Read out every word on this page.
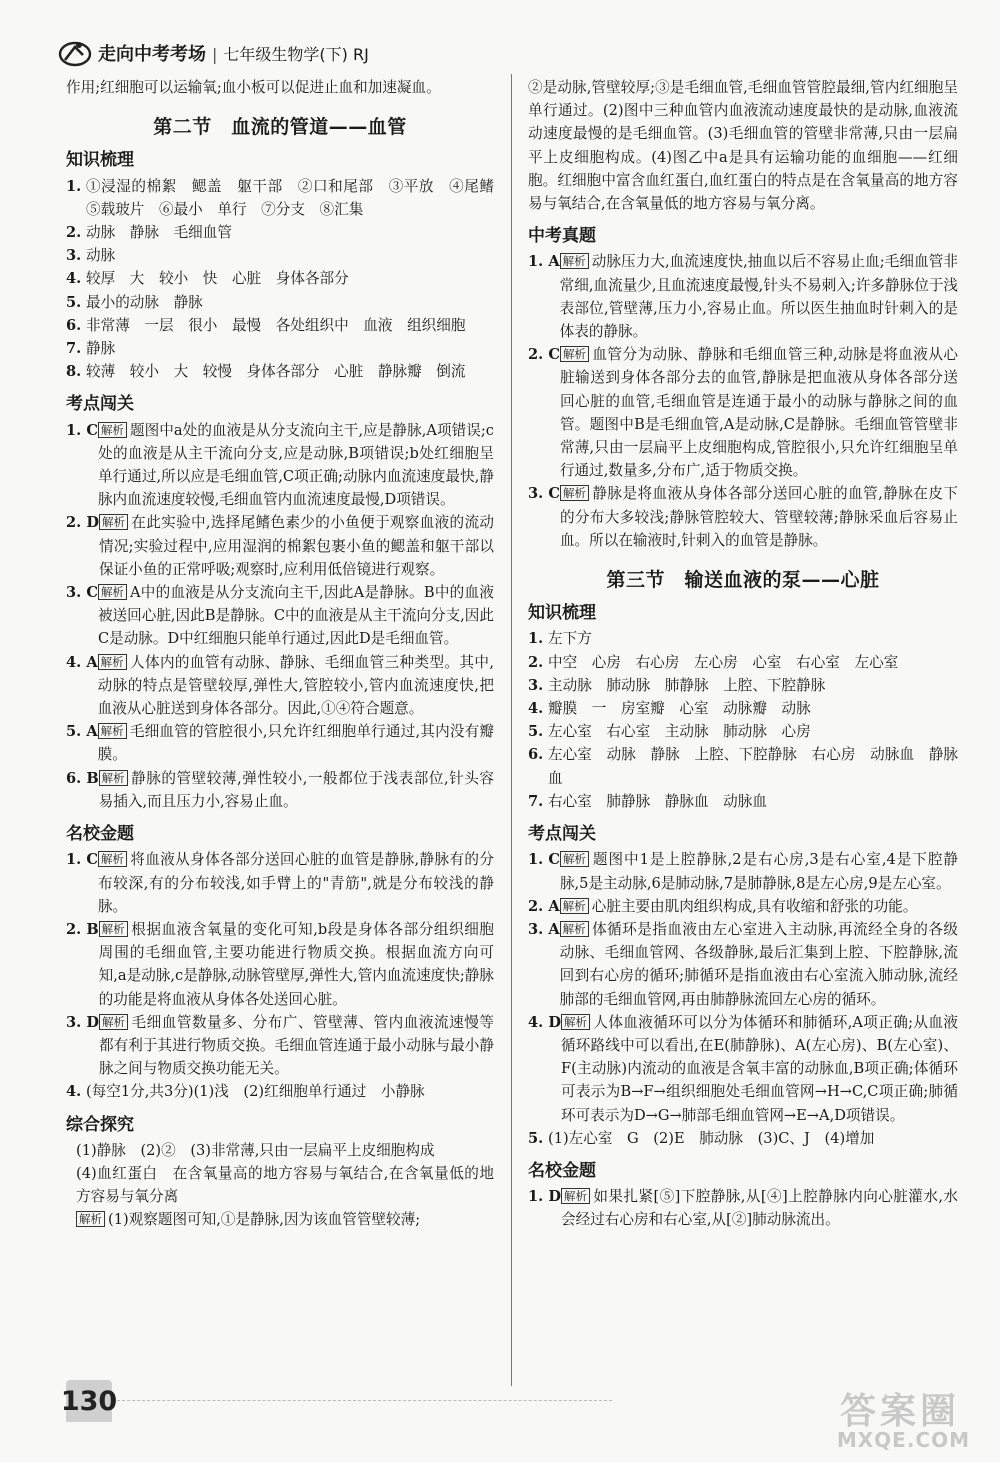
走向中考考场
|	七年级生物学(下) RJ

作用;红细胞可以运输氧;血小板可以促进止血和加速凝血。

第二节　血流的管道——血管
知识梳理
1. ①浸湿的棉絮　鳃盖　躯干部　②口和尾部　③平放　④尾鳍　⑤载玻片　⑥最小　单行　⑦分支　⑧汇集
2. 动脉　静脉　毛细血管
3. 动脉
4. 较厚　大　较小　快　心脏　身体各部分
5. 最小的动脉　静脉
6. 非常薄　一层　很小　最慢　各处组织中　血液　组织细胞
7. 静脉
8. 较薄　较小　大　较慢　身体各部分　心脏　静脉瓣　倒流
考点闯关
1. C 解析 题图中a处的血液是从分支流向主干,应是静脉,A项错误;c处的血液是从主干流向分支,应是动脉,B项错误;b处红细胞呈单行通过,所以应是毛细血管,C项正确;动脉内血流速度最快,静脉内血流速度较慢,毛细血管内血流速度最慢,D项错误。
2. D 解析 在此实验中,选择尾鳍色素少的小鱼便于观察血液的流动情况;实验过程中,应用湿润的棉絮包裹小鱼的鳃盖和躯干部以保证小鱼的正常呼吸;观察时,应利用低倍镜进行观察。
3. C 解析 A中的血液是从分支流向主干,因此A是静脉。B中的血液被送回心脏,因此B是静脉。C中的血液是从主干流向分支,因此C是动脉。D中红细胞只能单行通过,因此D是毛细血管。
4. A 解析 人体内的血管有动脉、静脉、毛细血管三种类型。其中,动脉的特点是管壁较厚,弹性大,管腔较小,管内血流速度快,把血液从心脏送到身体各部分。因此,①④符合题意。
5. A 解析 毛细血管的管腔很小,只允许红细胞单行通过,其内没有瓣膜。
6. B 解析 静脉的管壁较薄,弹性较小,一般都位于浅表部位,针头容易插入,而且压力小,容易止血。
名校金题
1. C 解析 将血液从身体各部分送回心脏的血管是静脉,静脉有的分布较深,有的分布较浅,如手臂上的"青筋",就是分布较浅的静脉。
2. B 解析 根据血液含氧量的变化可知,b段是身体各部分组织细胞周围的毛细血管,主要功能进行物质交换。根据血流方向可知,a是动脉,c是静脉,动脉管壁厚,弹性大,管内血流速度快;静脉的功能是将血液从身体各处送回心脏。
3. D 解析 毛细血管数量多、分布广、管壁薄、管内血液流速慢等都有利于其进行物质交换。毛细血管连通于最小动脉与最小静脉之间与物质交换功能无关。
4. (每空1分,共3分)(1)浅　(2)红细胞单行通过　小静脉
综合探究

(1)静脉　(2)②　(3)非常薄,只由一层扁平上皮细胞构成

(4)血红蛋白　在含氧量高的地方容易与氧结合,在含氧量低的地方容易与氧分离

解析 (1)观察题图可知,①是静脉,因为该血管管壁较薄;

②是动脉,管壁较厚;③是毛细血管,毛细血管管腔最细,管内红细胞呈单行通过。(2)图中三种血管内血液流动速度最快的是动脉,血液流动速度最慢的是毛细血管。(3)毛细血管的管壁非常薄,只由一层扁平上皮细胞构成。(4)图乙中a是具有运输功能的血细胞——红细胞。红细胞中富含血红蛋白,血红蛋白的特点是在含氧量高的地方容易与氧结合,在含氧量低的地方容易与氧分离。

中考真题
1. A 解析 动脉压力大,血流速度快,抽血以后不容易止血;毛细血管非常细,血流量少,且血流速度最慢,针头不易刺入;许多静脉位于浅表部位,管壁薄,压力小,容易止血。所以医生抽血时针刺入的是体表的静脉。
2. C 解析 血管分为动脉、静脉和毛细血管三种,动脉是将血液从心脏输送到身体各部分去的血管,静脉是把血液从身体各部分送回心脏的血管,毛细血管是连通于最小的动脉与静脉之间的血管。题图中B是毛细血管,A是动脉,C是静脉。毛细血管管壁非常薄,只由一层扁平上皮细胞构成,管腔很小,只允许红细胞呈单行通过,数量多,分布广,适于物质交换。
3. C 解析 静脉是将血液从身体各部分送回心脏的血管,静脉在皮下的分布大多较浅;静脉管腔较大、管壁较薄;静脉采血后容易止血。所以在输液时,针刺入的血管是静脉。
第三节　输送血液的泵——心脏
知识梳理
1. 左下方
2. 中空　心房　右心房　左心房　心室　右心室　左心室
3. 主动脉　肺动脉　肺静脉　上腔、下腔静脉
4. 瓣膜　一　房室瓣　心室　动脉瓣　动脉
5. 左心室　右心室　主动脉　肺动脉　心房
6. 左心室　动脉　静脉　上腔、下腔静脉　右心房　动脉血　静脉血
7. 右心室　肺静脉　静脉血　动脉血
考点闯关
1. C 解析 题图中1是上腔静脉,2是右心房,3是右心室,4是下腔静脉,5是主动脉,6是肺动脉,7是肺静脉,8是左心房,9是左心室。
2. A 解析 心脏主要由肌肉组织构成,具有收缩和舒张的功能。
3. A 解析 体循环是指血液由左心室进入主动脉,再流经全身的各级动脉、毛细血管网、各级静脉,最后汇集到上腔、下腔静脉,流回到右心房的循环;肺循环是指血液由右心室流入肺动脉,流经肺部的毛细血管网,再由肺静脉流回左心房的循环。
4. D 解析 人体血液循环可以分为体循环和肺循环,A项正确;从血液循环路线中可以看出,在E(肺静脉)、A(左心房)、B(左心室)、F(主动脉)内流动的血液是含氧丰富的动脉血,B项正确;体循环可表示为B→F→组织细胞处毛细血管网→H→C,C项正确;肺循环可表示为D→G→肺部毛细血管网→E→A,D项错误。
5. (1)左心室　G　(2)E　肺动脉　(3)C、J　(4)增加
名校金题
1. D 解析 如果扎紧[⑤]下腔静脉,从[④]上腔静脉内向心脏灌水,水会经过右心房和右心室,从[②]肺动脉流出。
130	答案圈
MXQE.COM
